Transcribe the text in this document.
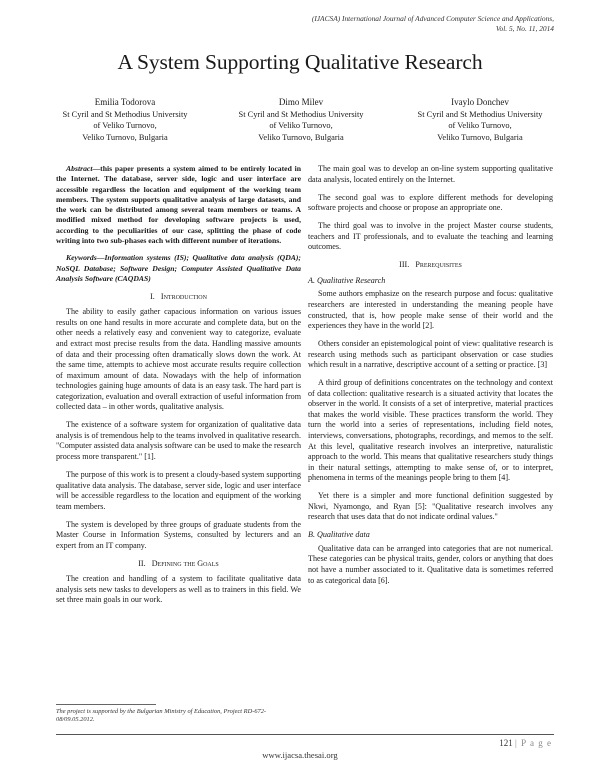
(IJACSA) International Journal of Advanced Computer Science and Applications,
Vol. 5, No. 11, 2014
A System Supporting Qualitative Research
Emilia Todorova
St Cyril and St Methodius University
of Veliko Turnovo,
Veliko Turnovo, Bulgaria
Dimo Milev
St Cyril and St Methodius University
of Veliko Turnovo,
Veliko Turnovo, Bulgaria
Ivaylo Donchev
St Cyril and St Methodius University
of Veliko Turnovo,
Veliko Turnovo, Bulgaria

Abstract—this paper presents a system aimed to be entirely located in the Internet. The database, server side, logic and user interface are accessible regardless the location and equipment of the working team members. The system supports qualitative analysis of large datasets, and the work can be distributed among several team members or teams. A modified mixed method for developing software projects is used, according to the peculiarities of our case, splitting the phase of code writing into two sub-phases each with different number of iterations.

Keywords—Information systems (IS); Qualitative data analysis (QDA); NoSQL Database; Software Design; Computer Assisted Qualitative Data Analysis Software (CAQDAS)

I. Introduction

The ability to easily gather capacious information on various issues results on one hand results in more accurate and complete data, but on the other needs a relatively easy and convenient way to categorize, evaluate and extract most precise results from the data. Handling massive amounts of data and their processing often dramatically slows down the work. At the same time, attempts to achieve most accurate results require collection of maximum amount of data. Nowadays with the help of information technologies gaining huge amounts of data is an easy task. The hard part is categorization, evaluation and overall extraction of useful information from collected data – in other words, qualitative analysis.

The existence of a software system for organization of qualitative data analysis is of tremendous help to the teams involved in qualitative research. "Computer assisted data analysis software can be used to make the research process more transparent." [1].

The purpose of this work is to present a cloudy-based system supporting qualitative data analysis. The database, server side, logic and user interface will be accessible regardless to the location and equipment of the working team members.

The system is developed by three groups of graduate students from the Master Course in Information Systems, consulted by lecturers and an expert from an IT company.

II. Defining the Goals

The creation and handling of a system to facilitate qualitative data analysis sets new tasks to developers as well as to trainers in this field. We set three main goals in our work.

The main goal was to develop an on-line system supporting qualitative data analysis, located entirely on the Internet.

The second goal was to explore different methods for developing software projects and choose or propose an appropriate one.

The third goal was to involve in the project Master course students, teachers and IT professionals, and to evaluate the teaching and learning outcomes.

III. Prerequisites
A. Qualitative Research

Some authors emphasize on the research purpose and focus: qualitative researchers are interested in understanding the meaning people have constructed, that is, how people make sense of their world and the experiences they have in the world [2].

Others consider an epistemological point of view: qualitative research is research using methods such as participant observation or case studies which result in a narrative, descriptive account of a setting or practice. [3]

A third group of definitions concentrates on the technology and context of data collection: qualitative research is a situated activity that locates the observer in the world. It consists of a set of interpretive, material practices that makes the world visible. These practices transform the world. They turn the world into a series of representations, including field notes, interviews, conversations, photographs, recordings, and memos to the self. At this level, qualitative research involves an interpretive, naturalistic approach to the world. This means that qualitative researchers study things in their natural settings, attempting to make sense of, or to interpret, phenomena in terms of the meanings people bring to them [4].

Yet there is a simpler and more functional definition suggested by Nkwi, Nyamongo, and Ryan [5]: "Qualitative research involves any research that uses data that do not indicate ordinal values."

B. Qualitative data

Qualitative data can be arranged into categories that are not numerical. These categories can be physical traits, gender, colors or anything that does not have a number associated to it. Qualitative data is sometimes referred to as categorical data [6].

The project is supported by the Bulgarian Ministry of Education, Project RD-672-08/09.05.2012.
121 | P a g e
www.ijacsa.thesai.org
